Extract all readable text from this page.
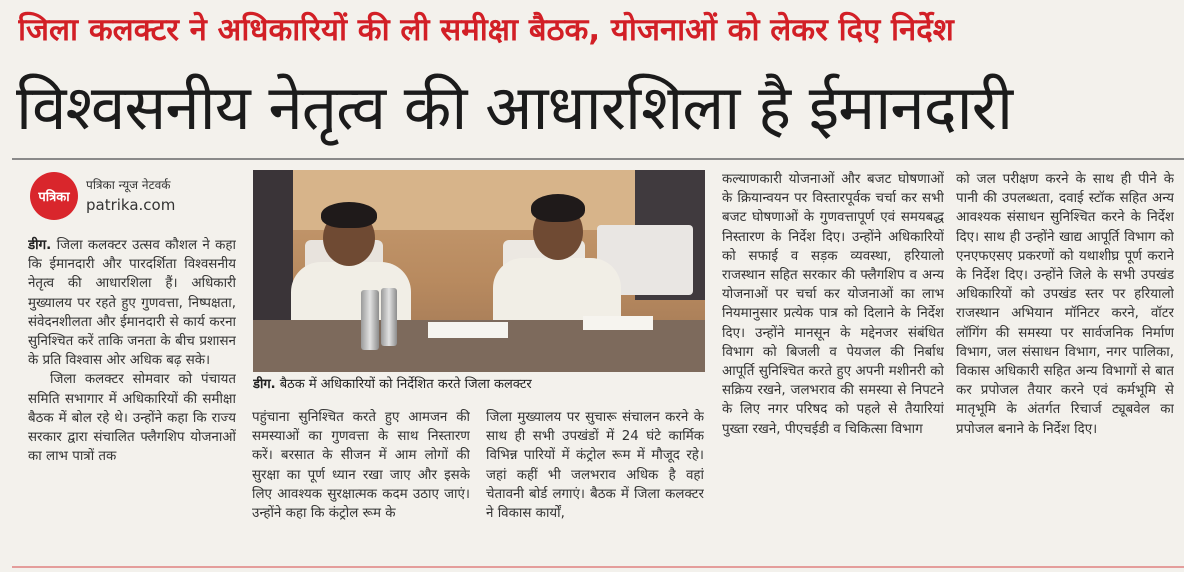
जिला कलक्टर ने अधिकारियों की ली समीक्षा बैठक, योजनाओं को लेकर दिए निर्देश
विश्वसनीय नेतृत्व की आधारशिला है ईमानदारी
पत्रिका
पत्रिका न्यूज नेटवर्क
patrika.com
डीग. जिला कलक्टर उत्सव कौशल ने कहा कि ईमानदारी और पारदर्शिता विश्वसनीय नेतृत्व की आधारशिला हैं। अधिकारी मुख्यालय पर रहते हुए गुणवत्ता, निष्पक्षता, संवेदनशीलता और ईमानदारी से कार्य करना सुनिश्चित करें ताकि जनता के बीच प्रशासन के प्रति विश्वास ओर अधिक बढ़ सके।
जिला कलक्टर सोमवार को पंचायत समिति सभागार में अधिकारियों की समीक्षा बैठक में बोल रहे थे। उन्होंने कहा कि राज्य सरकार द्वारा संचालित फ्लैगशिप योजनाओं का लाभ पात्रों तक
डीग. बैठक में अधिकारियों को निर्देशित करते जिला कलक्टर
पहुंचाना सुनिश्चित करते हुए आमजन की समस्याओं का गुणवत्ता के साथ निस्तारण करें। बरसात के सीजन में आम लोगों की सुरक्षा का पूर्ण ध्यान रखा जाए और इसके लिए आवश्यक सुरक्षात्मक कदम उठाए जाएं। उन्होंने कहा कि कंट्रोल रूम के
जिला मुख्यालय पर सुचारू संचालन करने के साथ ही सभी उपखंडों में 24 घंटे कार्मिक विभिन्न पारियों में कंट्रोल रूम में मौजूद रहे। जहां कहीं भी जलभराव अधिक है वहां चेतावनी बोर्ड लगाएं। बैठक में जिला कलक्टर ने विकास कार्यों,
कल्याणकारी योजनाओं और बजट घोषणाओं के क्रियान्वयन पर विस्तारपूर्वक चर्चा कर सभी बजट घोषणाओं के गुणवत्तापूर्ण एवं समयबद्ध निस्तारण के निर्देश दिए। उन्होंने अधिकारियों को सफाई व सड़क व्यवस्था, हरियालो राजस्थान सहित सरकार की फ्लैगशिप व अन्य योजनाओं पर चर्चा कर योजनाओं का लाभ नियमानुसार प्रत्येक पात्र को दिलाने के निर्देश दिए। उन्होंने मानसून के मद्देनजर संबंधित विभाग को बिजली व पेयजल की निर्बाध आपूर्ति सुनिश्चित करते हुए अपनी मशीनरी को सक्रिय रखने, जलभराव की समस्या से निपटने के लिए नगर परिषद को पहले से तैयारियां पुख्ता रखने, पीएचईडी व चिकित्सा विभाग
को जल परीक्षण करने के साथ ही पीने के पानी की उपलब्धता, दवाई स्टॉक सहित अन्य आवश्यक संसाधन सुनिश्चित करने के निर्देश दिए। साथ ही उन्होंने खाद्य आपूर्ति विभाग को एनएफएसए प्रकरणों को यथाशीघ्र पूर्ण कराने के निर्देश दिए। उन्होंने जिले के सभी उपखंड अधिकारियों को उपखंड स्तर पर हरियालो राजस्थान अभियान मॉनिटर करने, वॉटर लॉगिंग की समस्या पर सार्वजनिक निर्माण विभाग, जल संसाधन विभाग, नगर पालिका, विकास अधिकारी सहित अन्य विभागों से बात कर प्रपोजल तैयार करने एवं कर्मभूमि से मातृभूमि के अंतर्गत रिचार्ज ट्यूबवेल का प्रपोजल बनाने के निर्देश दिए।
